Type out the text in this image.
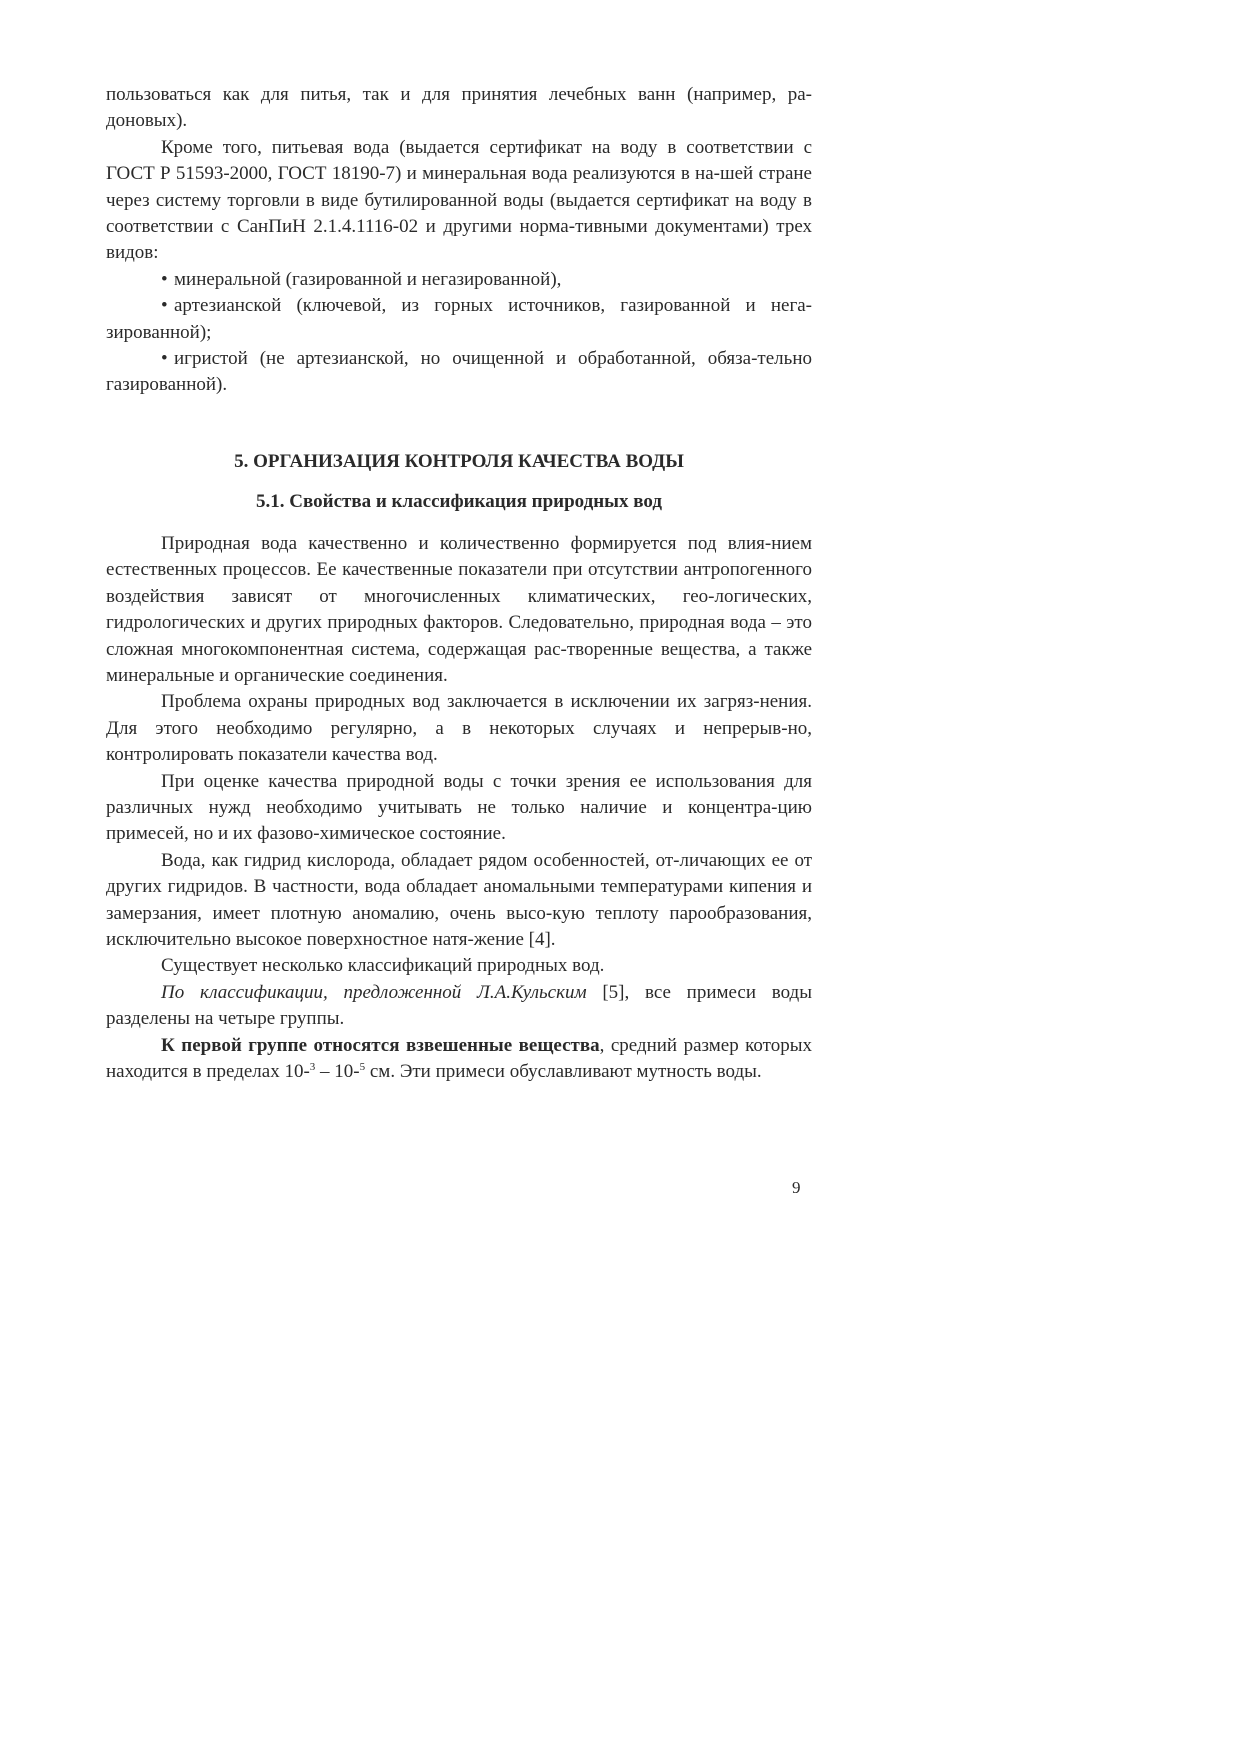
пользоваться как для питья, так и для принятия лечебных ванн (например, ра-доновых).

Кроме того, питьевая вода (выдается сертификат на воду в соответствии с ГОСТ Р 51593-2000, ГОСТ 18190-7) и минеральная вода реализуются в на-шей стране через систему торговли в виде бутилированной воды (выдается сертификат на воду в соответствии с СанПиН 2.1.4.1116-02 и другими норма-тивными документами) трех видов:

• минеральной (газированной и негазированной),
• артезианской (ключевой, из горных источников, газированной и нега-зированной);
• игристой (не артезианской, но очищенной и обработанной, обяза-тельно газированной).
5. ОРГАНИЗАЦИЯ КОНТРОЛЯ КАЧЕСТВА ВОДЫ
5.1. Свойства и классификация природных вод

Природная вода качественно и количественно формируется под влия-нием естественных процессов. Ее качественные показатели при отсутствии антропогенного воздействия зависят от многочисленных климатических, гео-логических, гидрологических и других природных факторов. Следовательно, природная вода – это сложная многокомпонентная система, содержащая рас-творенные вещества, а также минеральные и органические соединения.

Проблема охраны природных вод заключается в исключении их загряз-нения. Для этого необходимо регулярно, а в некоторых случаях и непрерыв-но, контролировать показатели качества вод.

При оценке качества природной воды с точки зрения ее использования для различных нужд необходимо учитывать не только наличие и концентра-цию примесей, но и их фазово-химическое состояние.

Вода, как гидрид кислорода, обладает рядом особенностей, от-личающих ее от других гидридов. В частности, вода обладает аномальными температурами кипения и замерзания, имеет плотную аномалию, очень высо-кую теплоту парообразования, исключительно высокое поверхностное натя-жение [4].

Существует несколько классификаций природных вод.

По классификации, предложенной Л.А.Кульским [5], все примеси воды разделены на четыре группы.

К первой группе относятся взвешенные вещества, средний размер которых находится в пределах 10-$^3$ – 10-$^5$ см. Эти примеси обуславливают мутность воды.

9
